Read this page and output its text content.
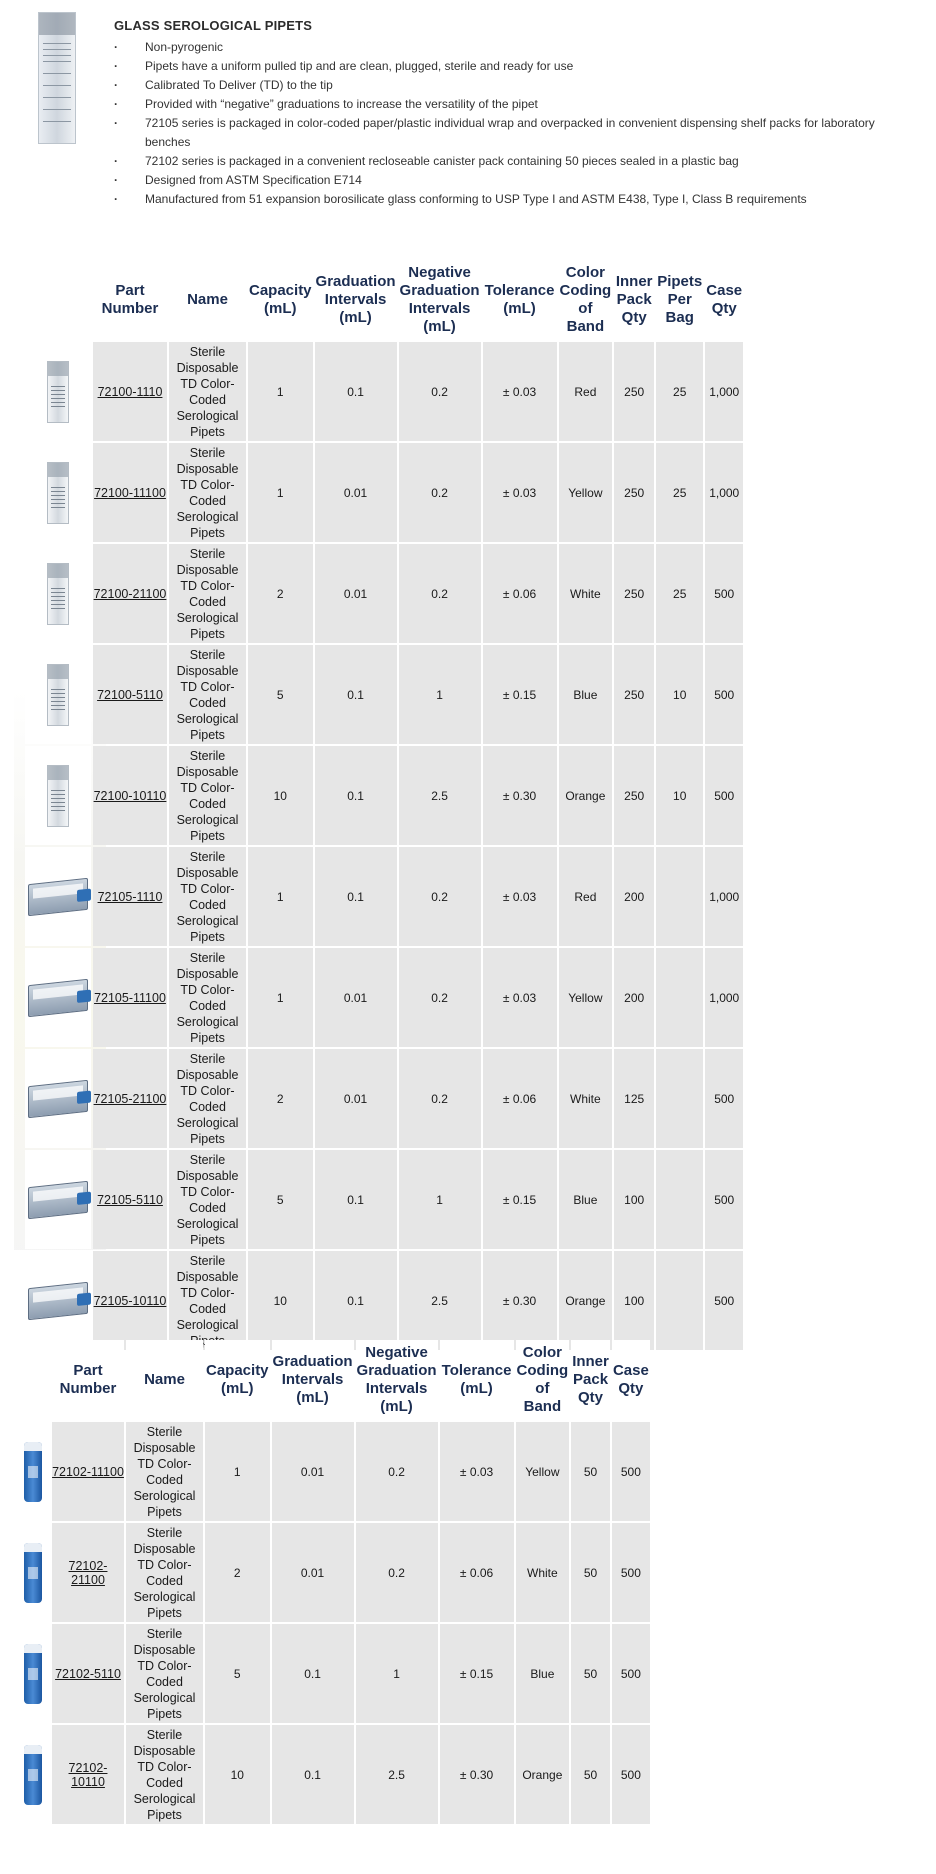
GLASS SEROLOGICAL PIPETS
· Non-pyrogenic
· Pipets have a uniform pulled tip and are clean, plugged, sterile and ready for use
· Calibrated To Deliver (TD) to the tip
· Provided with “negative” graduations to increase the versatility of the pipet
· 72105 series is packaged in color-coded paper/plastic individual wrap and overpacked in convenient dispensing shelf packs for laboratory benches
· 72102 series is packaged in a convenient recloseable canister pack containing 50 pieces sealed in a plastic bag
· Designed from ASTM Specification E714
· Manufactured from 51 expansion borosilicate glass conforming to USP Type I and ASTM E438, Type I, Class B requirements
	Part Number	Name	Capacity (mL)	Graduation Intervals (mL)	Negative Graduation Intervals (mL)	Tolerance (mL)	Color Coding of Band	Inner Pack Qty	Pipets Per Bag	Case Qty

	72100-1110	Sterile Disposable TD Color-Coded Serological Pipets	1	0.1	0.2	± 0.03	Red	250	25	1,000

	72100-11100	Sterile Disposable TD Color-Coded Serological Pipets	1	0.01	0.2	± 0.03	Yellow	250	25	1,000

	72100-21100	Sterile Disposable TD Color-Coded Serological Pipets	2	0.01	0.2	± 0.06	White	250	25	500

	72100-5110	Sterile Disposable TD Color-Coded Serological Pipets	5	0.1	1	± 0.15	Blue	250	10	500

	72100-10110	Sterile Disposable TD Color-Coded Serological Pipets	10	0.1	2.5	± 0.30	Orange	250	10	500

	72105-1110	Sterile Disposable TD Color-Coded Serological Pipets	1	0.1	0.2	± 0.03	Red	200		1,000

	72105-11100	Sterile Disposable TD Color-Coded Serological Pipets	1	0.01	0.2	± 0.03	Yellow	200		1,000

	72105-21100	Sterile Disposable TD Color-Coded Serological Pipets	2	0.01	0.2	± 0.06	White	125		500

	72105-5110	Sterile Disposable TD Color-Coded Serological Pipets	5	0.1	1	± 0.15	Blue	100		500

	72105-10110	Sterile Disposable TD Color-Coded Serological	10	0.1	2.5	± 0.30	Orange	100		500
	Part Number	Name	Capacity (mL)	Graduation Intervals (mL)	Negative Graduation Intervals (mL)	Tolerance (mL)	Color Coding of Band	Inner Pack Qty	Case Qty

	72102-11100	Sterile Disposable TD Color-Coded Serological Pipets	1	0.01	0.2	± 0.03	Yellow	50	500

	72102-21100	Sterile Disposable TD Color-Coded Serological Pipets	2	0.01	0.2	± 0.06	White	50	500

	72102-5110	Sterile Disposable TD Color-Coded Serological Pipets	5	0.1	1	± 0.15	Blue	50	500

	72102-10110	Sterile Disposable TD Color-Coded Serological Pipets	10	0.1	2.5	± 0.30	Orange	50	500
